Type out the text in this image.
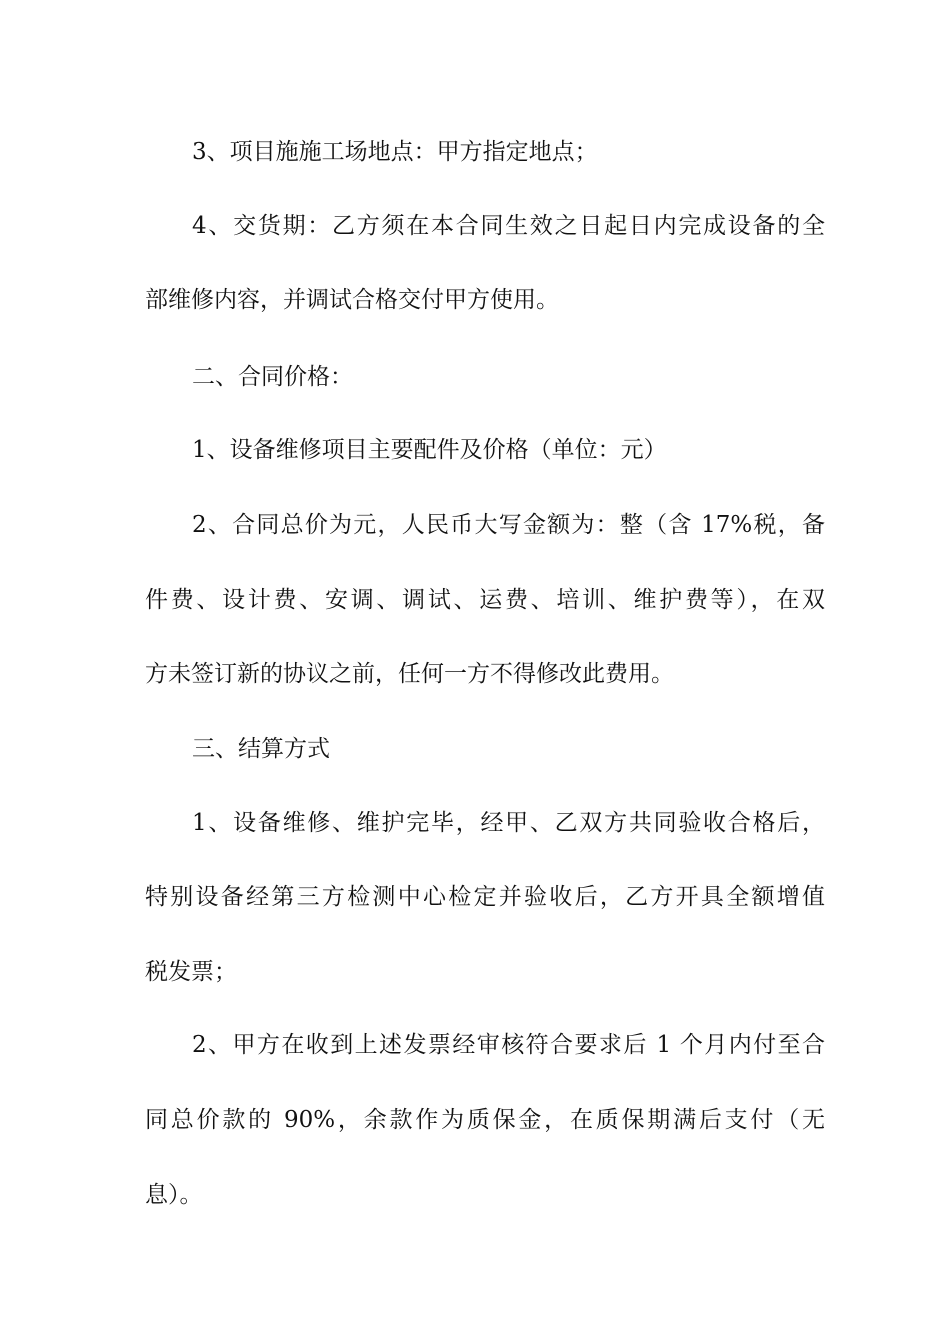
3、项目施施工场地点：甲方指定地点；
4、交货期：乙方须在本合同生效之日起日内完成设备的全
部维修内容，并调试合格交付甲方使用。
二、合同价格：
1、设备维修项目主要配件及价格（单位：元）
2、合同总价为元，人民币大写金额为：整（含 17%税，备
件费、设计费、安调、调试、运费、培训、维护费等），在双
方未签订新的协议之前，任何一方不得修改此费用。
三、结算方式
1、设备维修、维护完毕，经甲、乙双方共同验收合格后，
特别设备经第三方检测中心检定并验收后，乙方开具全额增值
税发票；
2、甲方在收到上述发票经审核符合要求后 1 个月内付至合
同总价款的 90%，余款作为质保金，在质保期满后支付（无
息）。
